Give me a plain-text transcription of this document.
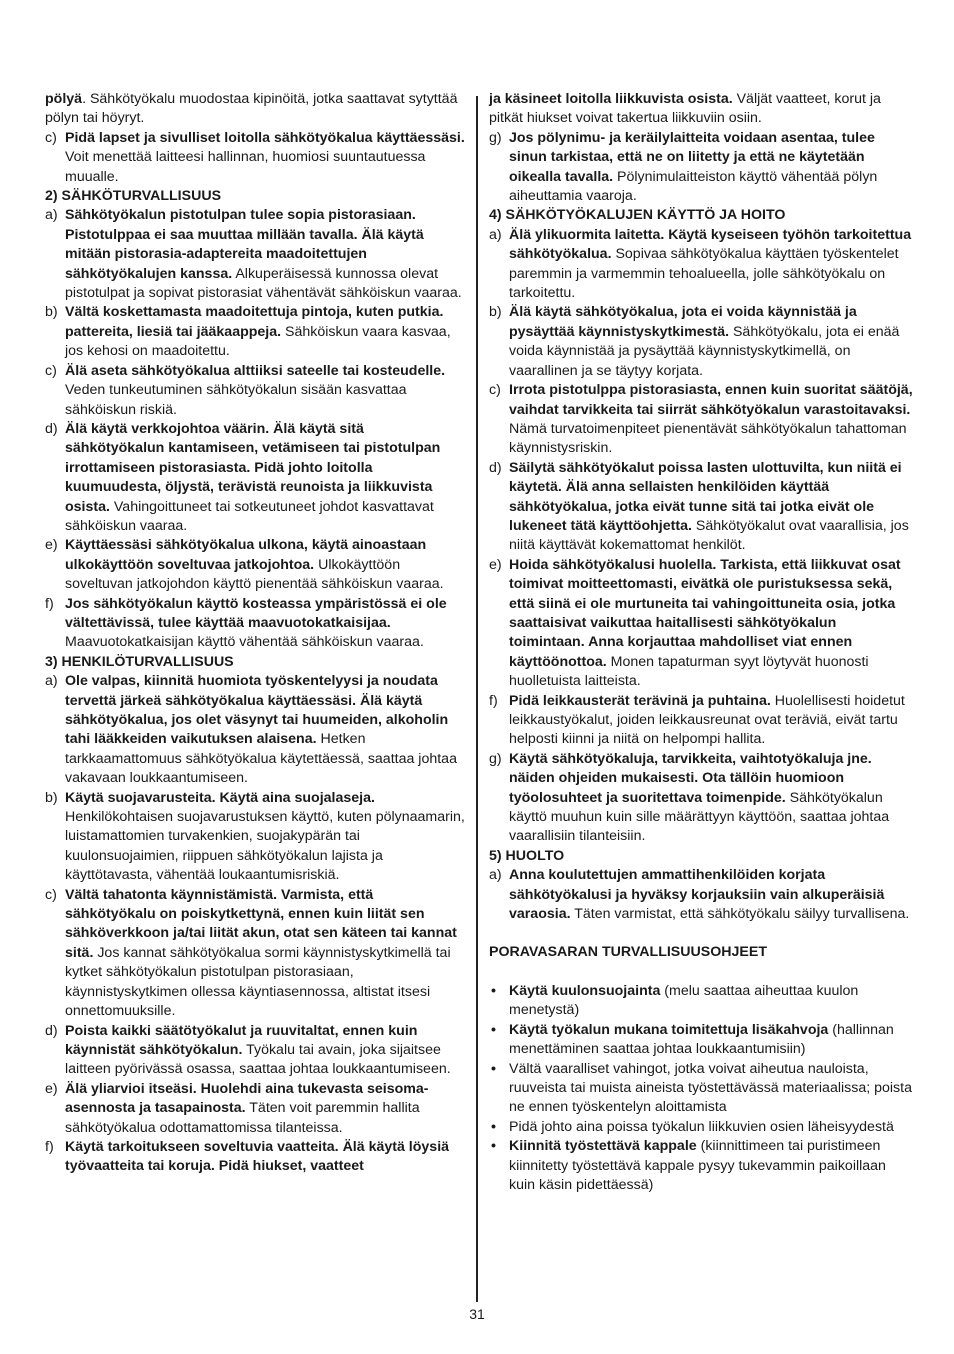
pölyä. Sähkötyökalu muodostaa kipinöitä, jotka saattavat sytyttää pölyn tai höyryt.
c) Pidä lapset ja sivulliset loitolla sähkötyökalua käyttäessäsi. Voit menettää laitteesi hallinnan, huomiosi suuntautuessa muualle.
2) SÄHKÖTURVALLISUUS
a) Sähkötyökalun pistotulpan tulee sopia pistorasiaan. Pistotulppaa ei saa muuttaa millään tavalla. Älä käytä mitään pistorasia-adaptereita maadoitettujen sähkötyökalujen kanssa. Alkuperäisessä kunnossa olevat pistotulpat ja sopivat pistorasiat vähentävät sähköiskun vaaraa.
b) Vältä koskettamasta maadoitettuja pintoja, kuten putkia. pattereita, liesiä tai jääkaappeja. Sähköiskun vaara kasvaa, jos kehosi on maadoitettu.
c) Älä aseta sähkötyökalua alttiiksi sateelle tai kosteudelle. Veden tunkeutuminen sähkötyökalun sisään kasvattaa sähköiskun riskiä.
d) Älä käytä verkkojohtoa väärin. Älä käytä sitä sähkötyökalun kantamiseen, vetämiseen tai pistotulpan irrottamiseen pistorasiasta. Pidä johto loitolla kuumuudesta, öljystä, terävistä reunoista ja liikkuvista osista. Vahingoittuneet tai sotkeutuneet johdot kasvattavat sähköiskun vaaraa.
e) Käyttäessäsi sähkötyökalua ulkona, käytä ainoastaan ulkokäyttöön soveltuvaa jatkojohtoa. Ulkokäyttöön soveltuvan jatkojohdon käyttö pienentää sähköiskun vaaraa.
f) Jos sähkötyökalun käyttö kosteassa ympäristössä ei ole vältettävissä, tulee käyttää maavuotokatkaisijaa. Maavuotokatkaisijan käyttö vähentää sähköiskun vaaraa.
3) HENKILÖTURVALLISUUS
a) Ole valpas, kiinnitä huomiota työskentelyysi ja noudata tervettä järkeä sähkötyökalua käyttäessäsi. Älä käytä sähkötyökalua, jos olet väsynyt tai huumeiden, alkoholin tahi lääkkeiden vaikutuksen alaisena. Hetken tarkkaamattomuus sähkötyökalua käytettäessä, saattaa johtaa vakavaan loukkaantumiseen.
b) Käytä suojavarusteita. Käytä aina suojalaseja. Henkilökohtaisen suojavarustuksen käyttö, kuten pölynaamarin, luistamattomien turvakenkien, suojakypärän tai kuulonsuojaimien, riippuen sähkötyökalun lajista ja käyttötavasta, vähentää loukaantumisriskiä.
c) Vältä tahatonta käynnistämistä. Varmista, että sähkötyökalu on poiskytkettynä, ennen kuin liität sen sähköverkkoon ja/tai liität akun, otat sen käteen tai kannat sitä. Jos kannat sähkötyökalua sormi käynnistyskytkimellä tai kytket sähkötyökalun pistotulpan pistorasiaan, käynnistyskytkimen ollessa käyntiasennossa, altistat itsesi onnettomuuksille.
d) Poista kaikki säätötyökalut ja ruuvitaltat, ennen kuin käynnistät sähkötyökalun. Työkalu tai avain, joka sijaitsee laitteen pyörivässä osassa, saattaa johtaa loukkaantumiseen.
e) Älä yliarvioi itseäsi. Huolehdi aina tukevasta seisoma-asennosta ja tasapainosta. Täten voit paremmin hallita sähkötyökalua odottamattomissa tilanteissa.
f) Käytä tarkoitukseen soveltuvia vaatteita. Älä käytä löysiä työvaatteita tai koruja. Pidä hiukset, vaatteet
ja käsineet loitolla liikkuvista osista. Väljät vaatteet, korut ja pitkät hiukset voivat takertua liikkuviin osiin.
g) Jos pölynimu- ja keräilylaitteita voidaan asentaa, tulee sinun tarkistaa, että ne on liitetty ja että ne käytetään oikealla tavalla. Pölynimulaitteiston käyttö vähentää pölyn aiheuttamia vaaroja.
4) SÄHKÖTYÖKALUJEN KÄYTTÖ JA HOITO
a) Älä ylikuormita laitetta. Käytä kyseiseen työhön tarkoitettua sähkötyökalua. Sopivaa sähkötyökalua käyttäen työskentelet paremmin ja varmemmin tehoalueella, jolle sähkötyökalu on tarkoitettu.
b) Älä käytä sähkötyökalua, jota ei voida käynnistää ja pysäyttää käynnistyskytkimestä. Sähkötyökalu, jota ei enää voida käynnistää ja pysäyttää käynnistyskytkimellä, on vaarallinen ja se täytyy korjata.
c) Irrota pistotulppa pistorasiasta, ennen kuin suoritat säätöjä, vaihdat tarvikkeita tai siirrät sähkötyökalun varastoitavaksi. Nämä turvatoimenpiteet pienentävät sähkötyökalun tahattoman käynnistysriskin.
d) Säilytä sähkötyökalut poissa lasten ulottuvilta, kun niitä ei käytetä. Älä anna sellaisten henkilöiden käyttää sähkötyökalua, jotka eivät tunne sitä tai jotka eivät ole lukeneet tätä käyttöohjetta. Sähkötyökalut ovat vaarallisia, jos niitä käyttävät kokemattomat henkilöt.
e) Hoida sähkötyökalusi huolella. Tarkista, että liikkuvat osat toimivat moitteettomasti, eivätkä ole puristuksessa sekä, että siinä ei ole murtuneita tai vahingoittuneita osia, jotka saattaisivat vaikuttaa haitallisesti sähkötyökalun toimintaan. Anna korjauttaa mahdolliset viat ennen käyttöönottoa. Monen tapaturman syyt löytyvät huonosti huolletuista laitteista.
f) Pidä leikkausterät terävinä ja puhtaina. Huolellisesti hoidetut leikkaustyökalut, joiden leikkausreunat ovat teräviä, eivät tartu helposti kiinni ja niitä on helpompi hallita.
g) Käytä sähkötyökaluja, tarvikkeita, vaihtotyökaluja jne. näiden ohjeiden mukaisesti. Ota tällöin huomioon työolosuhteet ja suoritettava toimenpide. Sähkötyökalun käyttö muuhun kuin sille määrättyyn käyttöön, saattaa johtaa vaarallisiin tilanteisiin.
5) HUOLTO
a) Anna koulutettujen ammattihenkilöiden korjata sähkötyökalusi ja hyväksy korjauksiin vain alkuperäisiä varaosia. Täten varmistat, että sähkötyökalu säilyy turvallisena.
PORAVASARAN TURVALLISUUSOHJEET
• Käytä kuulonsuojainta (melu saattaa aiheuttaa kuulon menetystä)
• Käytä työkalun mukana toimitettuja lisäkahvoja (hallinnan menettäminen saattaa johtaa loukkaantumisiin)
• Vältä vaaralliset vahingot, jotka voivat aiheutua nauloista, ruuveista tai muista aineista työstettävässä materiaalissa; poista ne ennen työskentelyn aloittamista
• Pidä johto aina poissa työkalun liikkuvien osien läheisyydestä
• Kiinnitä työstettävä kappale (kiinnittimeen tai puristimeen kiinnitetty työstettävä kappale pysyy tukevammin paikoillaan kuin käsin pidettäessä)
31
